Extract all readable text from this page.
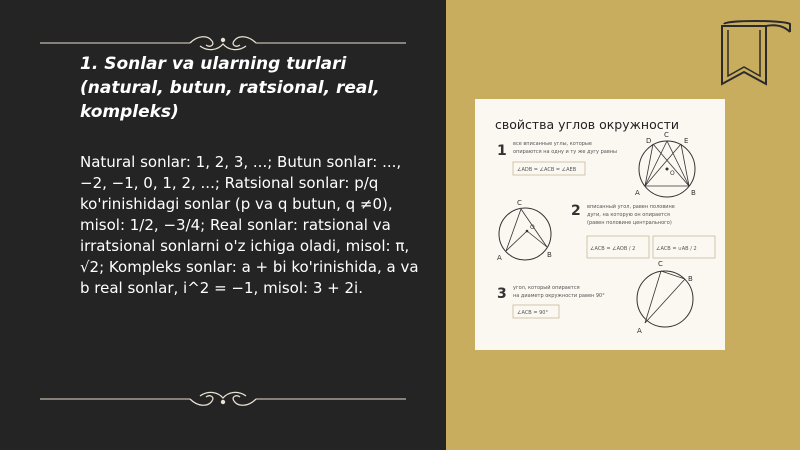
1. Sonlar va ularning turlari (natural, butun, ratsional, real, kompleks)
Natural sonlar: 1, 2, 3, ...; Butun sonlar: ..., −2, −1, 0, 1, 2, ...; Ratsional sonlar: p/q ko'rinishidagi sonlar (p va q butun, q ≠0), misol: 1/2, −3/4; Real sonlar: ratsional va irratsional sonlarni o'z ichiga oladi, misol: π, √2; Kompleks sonlar: a + bi ko'rinishida, a va b real sonlar, i^2 = −1, misol: 3 + 2i.
свойства углов окружности
1 все вписанные углы, которые
опираются на одну и ту же дугу равны
∠ADB = ∠ACB = ∠AEB
A	B
D
C
E
O
C
A	B
O
2 вписанный угол, равен половине
дуги, на которую он опирается
(равен половине центрального)
∠ACB = ∠AOB / 2	∠ACB = ∪AB / 2
3 угол, который опирается
на диаметр окружности равен 90°
∠ACB = 90°
C
B
A
